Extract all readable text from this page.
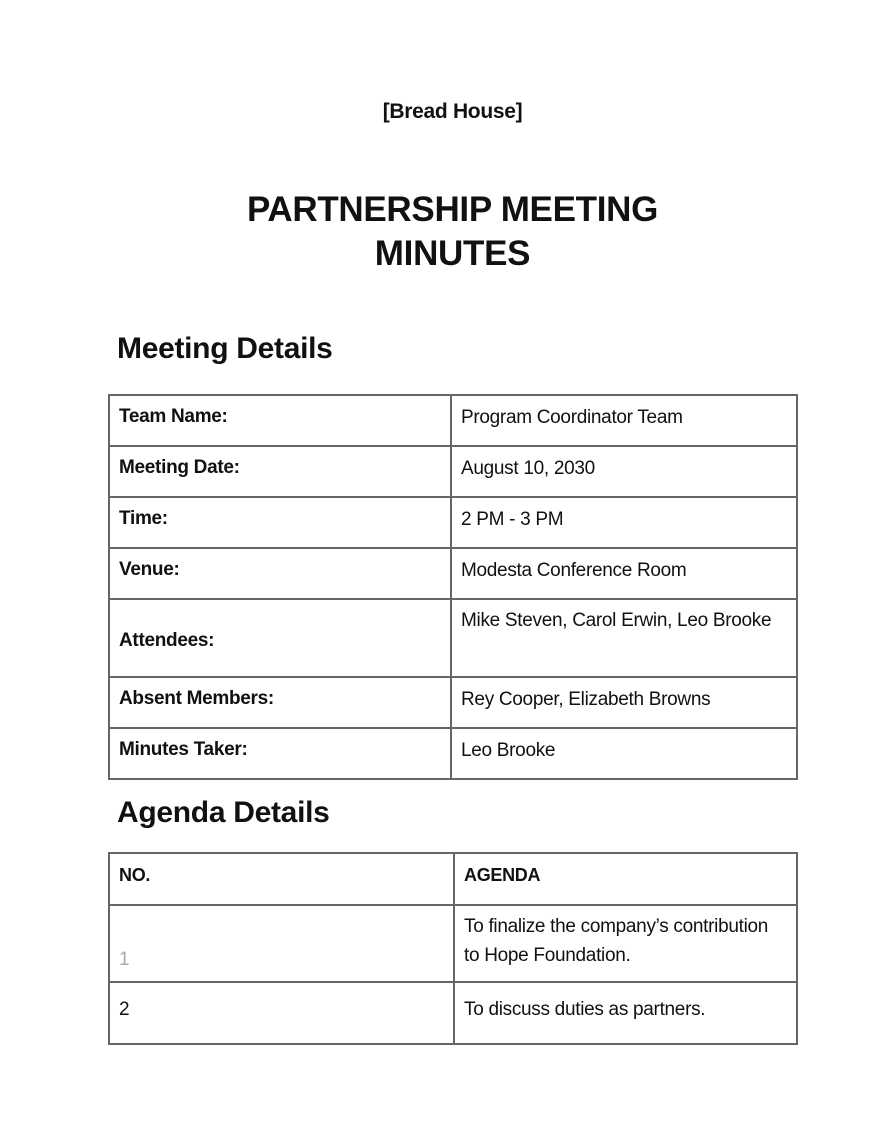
[Bread House]
PARTNERSHIP MEETING
MINUTES
Meeting Details
Team Name:	Program Coordinator Team
Meeting Date:	August 10, 2030
Time:	2 PM - 3 PM
Venue:	Modesta Conference Room
Attendees:	Mike Steven, Carol Erwin, Leo Brooke
Absent Members:	Rey Cooper, Elizabeth Browns
Minutes Taker:	Leo Brooke
Agenda Details
NO.	AGENDA
1	To finalize the company’s contribution to Hope Foundation.
2	To discuss duties as partners.
